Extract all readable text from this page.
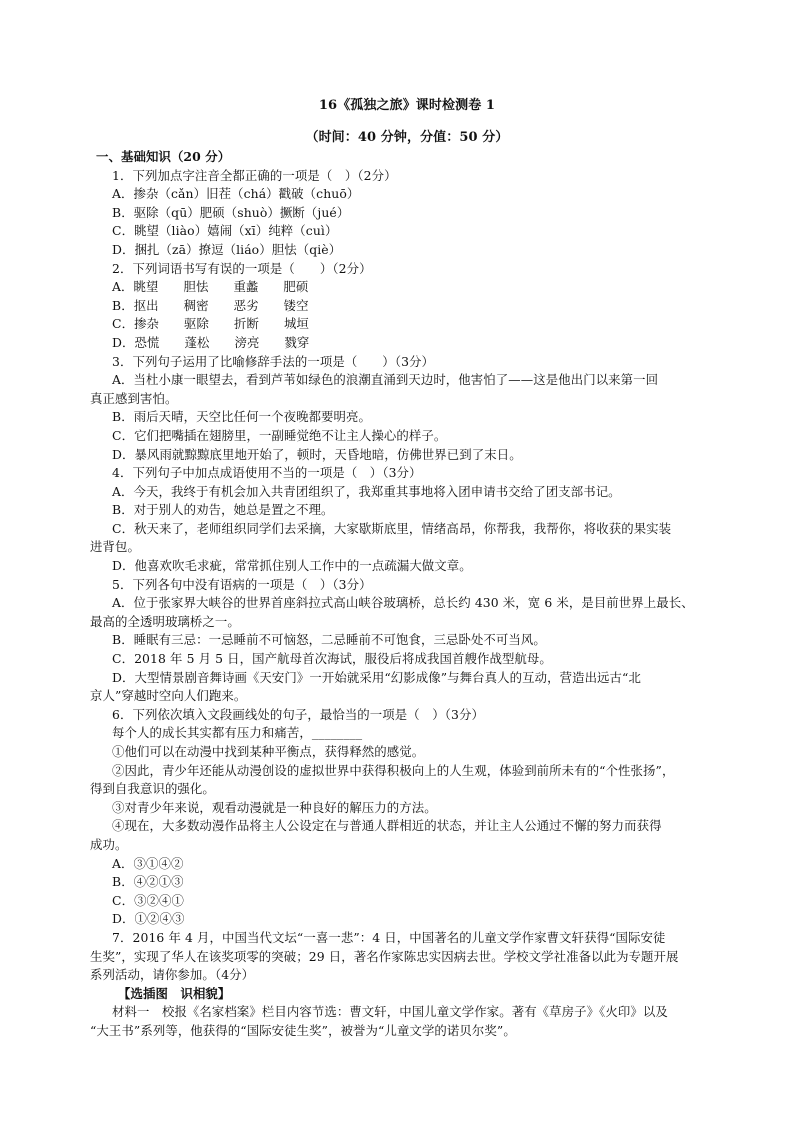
16《孤独之旅》课时检测卷 1
（时间：40 分钟，分值：50 分）
一、基础知识（20 分）
1．下列加点字注音全都正确的一项是（　）（2分）
A．掺杂（cǎn）旧茬（chá）戳破（chuō）
B．驱除（qū）肥硕（shuò）撅断（jué）
C．眺望（liào）嬉闹（xī）纯粹（cuì）
D．捆扎（zā）撩逗（liáo）胆怯（qiè）
2．下列词语书写有误的一项是（　　）（2分）
A．眺望　　胆怯　　重蠡　　肥硕
B．抠出　　稠密　　恶劣　　镂空
C．掺杂　　驱除　　折断　　城垣
D．恐慌　　蓬松　　滂亮　　戮穿
3．下列句子运用了比喻修辞手法的一项是（　　）（3分）
A．当杜小康一眼望去，看到芦苇如绿色的浪潮直涌到天边时，他害怕了——这是他出门以来第一回
真正感到害怕。
B．雨后天晴，天空比任何一个夜晚都要明亮。
C．它们把嘴插在翅膀里，一副睡觉绝不让主人操心的样子。
D．暴风雨就黥黥底里地开始了，顿时，天昏地暗，仿佛世界已到了末日。
4．下列句子中加点成语使用不当的一项是（　）（3分）
A．今天，我终于有机会加入共青团组织了，我郑重其事地将入团申请书交给了团支部书记。
B．对于别人的劝告，她总是置之不理。
C．秋天来了，老师组织同学们去采摘，大家歇斯底里，情绪高昂，你帮我，我帮你，将收获的果实装
进背包。
D．他喜欢吹毛求疵，常常抓住别人工作中的一点疏漏大做文章。
5．下列各句中没有语病的一项是（　）（3分）
A．位于张家界大峡谷的世界首座斜拉式高山峡谷玻璃桥，总长约 430 米，宽 6 米，是目前世界上最长、
最高的全透明玻璃桥之一。
B．睡眠有三忌：一忌睡前不可恼怒，二忌睡前不可饱食，三忌卧处不可当风。
C．2018 年 5 月 5 日，国产航母首次海试，服役后将成我国首艘作战型航母。
D．大型情景剧音舞诗画《天安门》一开始就采用“幻影成像”与舞台真人的互动，营造出远古“北
京人”穿越时空向人们跑来。
6．下列依次填入文段画线处的句子，最恰当的一项是（　）（3分）
每个人的成长其实都有压力和痛苦，________
①他们可以在动漫中找到某种平衡点，获得释然的感觉。
②因此，青少年还能从动漫创设的虚拟世界中获得积极向上的人生观，体验到前所未有的“个性张扬”，
得到自我意识的强化。
③对青少年来说，观看动漫就是一种良好的解压力的方法。
④现在，大多数动漫作品将主人公设定在与普通人群相近的状态，并让主人公通过不懈的努力而获得
成功。
A．③①④②
B．④②①③
C．③②④①
D．①②④③
7．2016 年 4 月，中国当代文坛“一喜一悲”：4 日，中国著名的儿童文学作家曹文轩获得“国际安徒
生奖”，实现了华人在该奖项零的突破；29 日，著名作家陈忠实因病去世。学校文学社准备以此为专题开展
系列活动，请你参加。（4分）
【选插图　识相貌】
材料一　校报《名家档案》栏目内容节选：曹文轩，中国儿童文学作家。著有《草房子》《火印》以及
“大王书”系列等，他获得的“国际安徒生奖”，被誉为“儿童文学的诺贝尔奖”。
